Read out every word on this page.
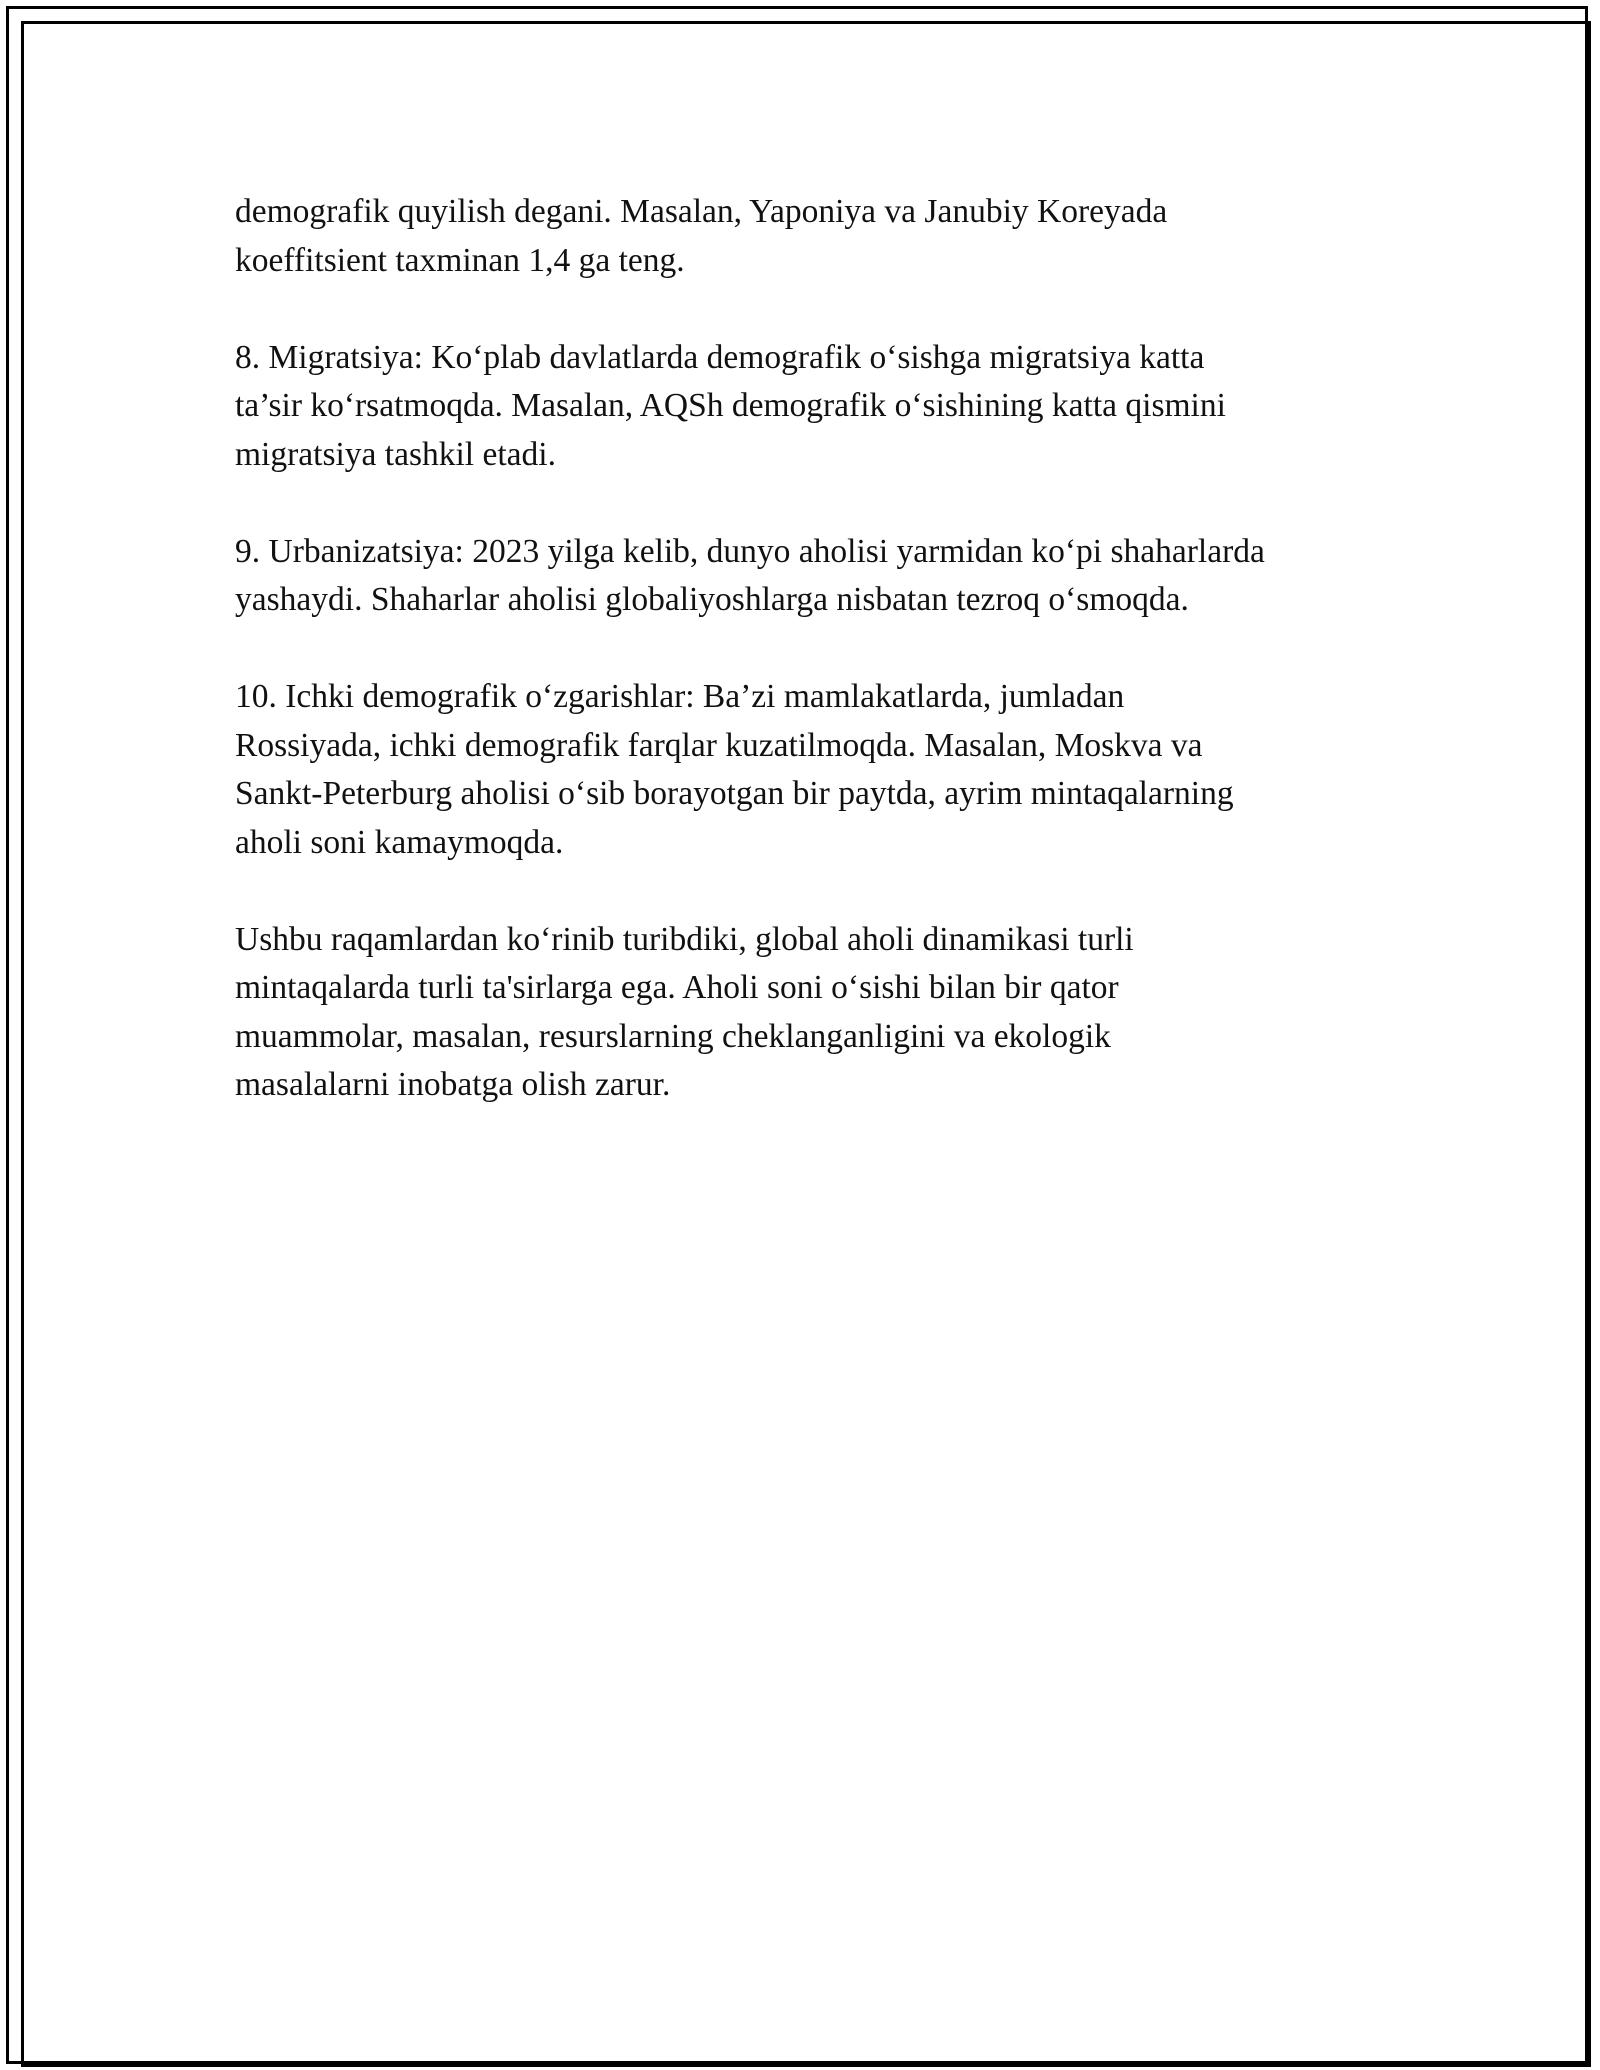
demografik quyilish degani. Masalan, Yaponiya va Janubiy Koreyada
koeffitsient taxminan 1,4 ga teng.

8. Migratsiya: Ko‘plab davlatlarda demografik o‘sishga migratsiya katta
ta’sir ko‘rsatmoqda. Masalan, AQSh demografik o‘sishining katta qismini
migratsiya tashkil etadi.

9. Urbanizatsiya: 2023 yilga kelib, dunyo aholisi yarmidan ko‘pi shaharlarda
yashaydi. Shaharlar aholisi globaliyoshlarga nisbatan tezroq o‘smoqda.

10. Ichki demografik o‘zgarishlar: Ba’zi mamlakatlarda, jumladan
Rossiyada, ichki demografik farqlar kuzatilmoqda. Masalan, Moskva va
Sankt-Peterburg aholisi o‘sib borayotgan bir paytda, ayrim mintaqalarning
aholi soni kamaymoqda.

Ushbu raqamlardan ko‘rinib turibdiki, global aholi dinamikasi turli
mintaqalarda turli ta'sirlarga ega. Aholi soni o‘sishi bilan bir qator
muammolar, masalan, resurslarning cheklanganligini va ekologik
masalalarni inobatga olish zarur.
